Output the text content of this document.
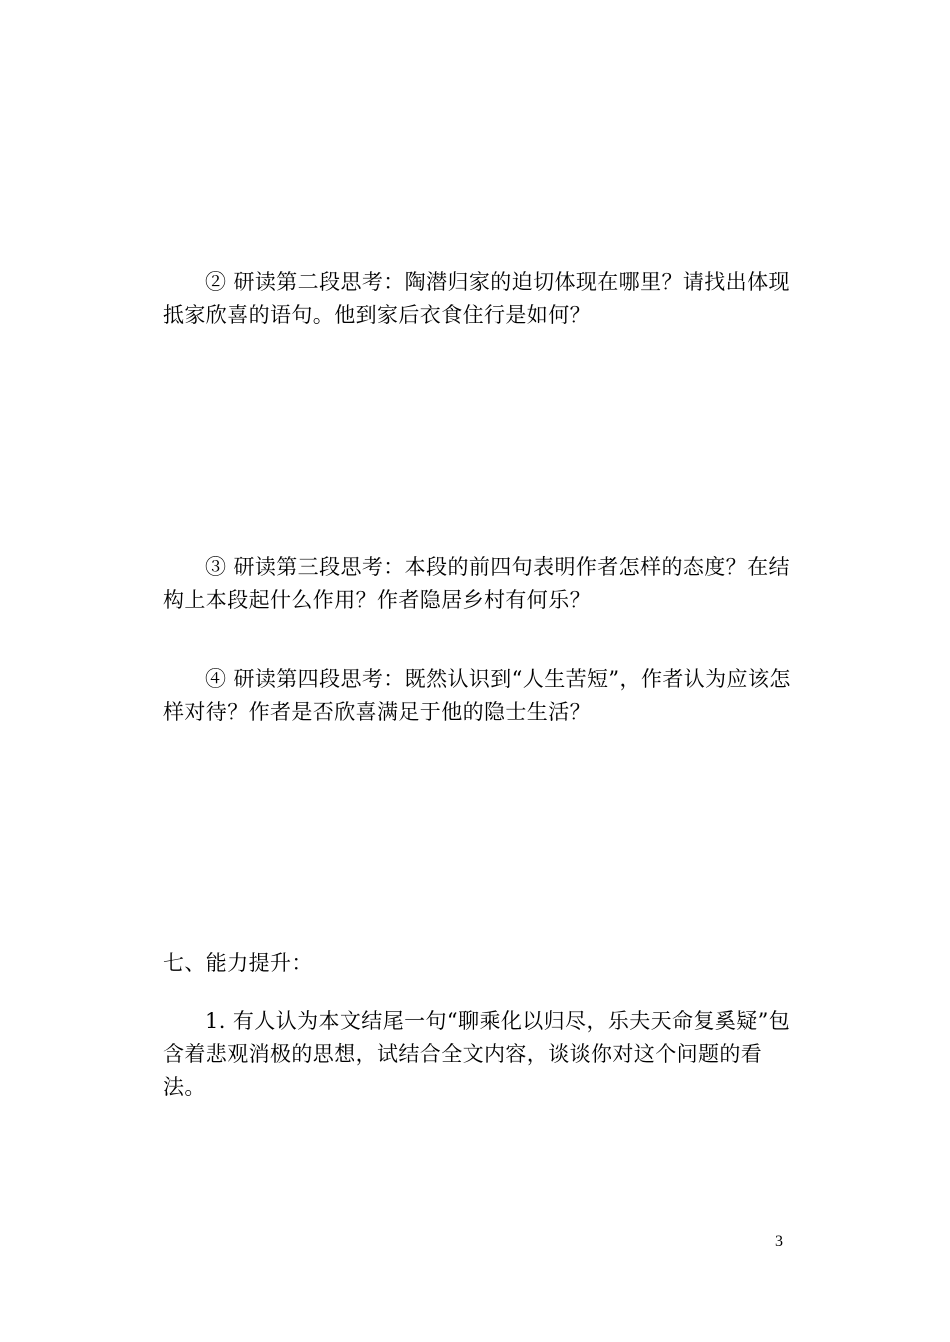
② 研读第二段思考：陶潜归家的迫切体现在哪里？请找出体现抵家欣喜的语句。他到家后衣食住行是如何？

③ 研读第三段思考：本段的前四句表明作者怎样的态度？在结构上本段起什么作用？作者隐居乡村有何乐？

④ 研读第四段思考：既然认识到“人生苦短”，作者认为应该怎样对待？作者是否欣喜满足于他的隐士生活？

七、能力提升：

1. 有人认为本文结尾一句“聊乘化以归尽，乐夫天命复奚疑”包含着悲观消极的思想，试结合全文内容，谈谈你对这个问题的看法。

3
